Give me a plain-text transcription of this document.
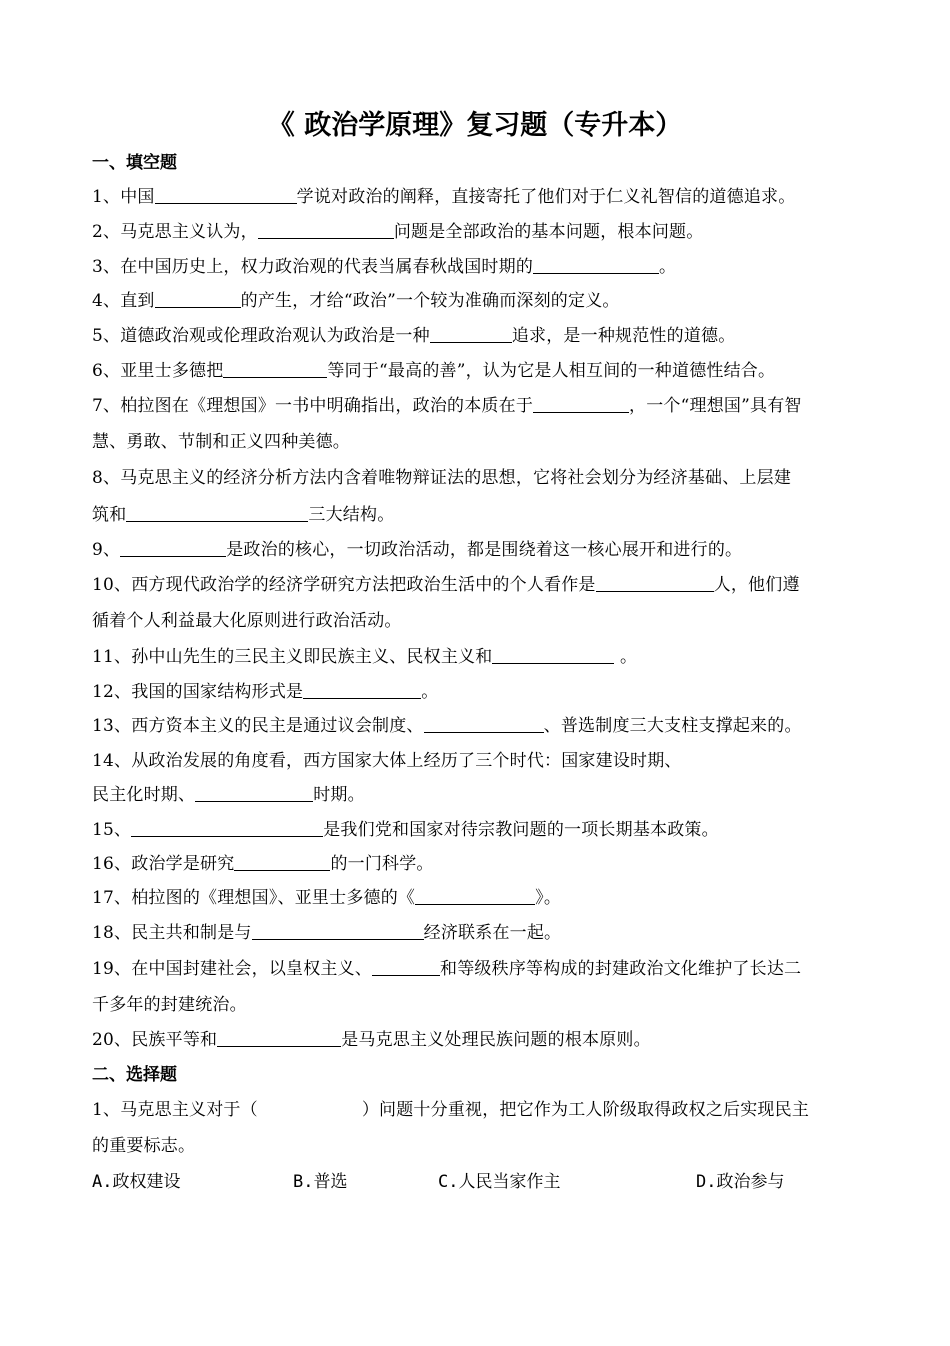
《 政治学原理》复习题（专升本）
一、填空题
1、中国	学说对政治的阐释，直接寄托了他们对于仁义礼智信的道德追求。
2、马克思主义认为，	问题是全部政治的基本问题，根本问题。
3、在中国历史上，权力政治观的代表当属春秋战国时期的	。
4、直到	的产生，才给“政治”一个较为准确而深刻的定义。
5、道德政治观或伦理政治观认为政治是一种	追求，是一种规范性的道德。
6、亚里士多德把	等同于“最高的善”，认为它是人相互间的一种道德性结合。
7、柏拉图在《理想国》一书中明确指出，政治的本质在于	，一个“理想国”具有智
慧、勇敢、节制和正义四种美德。
8、马克思主义的经济分析方法内含着唯物辩证法的思想，它将社会划分为经济基础、上层建
筑和	三大结构。
9、	是政治的核心，一切政治活动，都是围绕着这一核心展开和进行的。
10、西方现代政治学的经济学研究方法把政治生活中的个人看作是	人，他们遵
循着个人利益最大化原则进行政治活动。
11、孙中山先生的三民主义即民族主义、民权主义和	。
12、我国的国家结构形式是	。
13、西方资本主义的民主是通过议会制度、	、普选制度三大支柱支撑起来的。
14、从政治发展的角度看，西方国家大体上经历了三个时代：国家建设时期、
民主化时期、	时期。
15、	是我们党和国家对待宗教问题的一项长期基本政策。
16、政治学是研究	的一门科学。
17、柏拉图的《理想国》、亚里士多德的《	》。
18、民主共和制是与	经济联系在一起。
19、在中国封建社会，以皇权主义、	和等级秩序等构成的封建政治文化维护了长达二
千多年的封建统治。
20、民族平等和	是马克思主义处理民族问题的根本原则。
二、选择题
1、马克思主义对于（	）问题十分重视，把它作为工人阶级取得政权之后实现民主
的重要标志。
A.政权建设	B.普选	C.人民当家作主	D.政治参与
